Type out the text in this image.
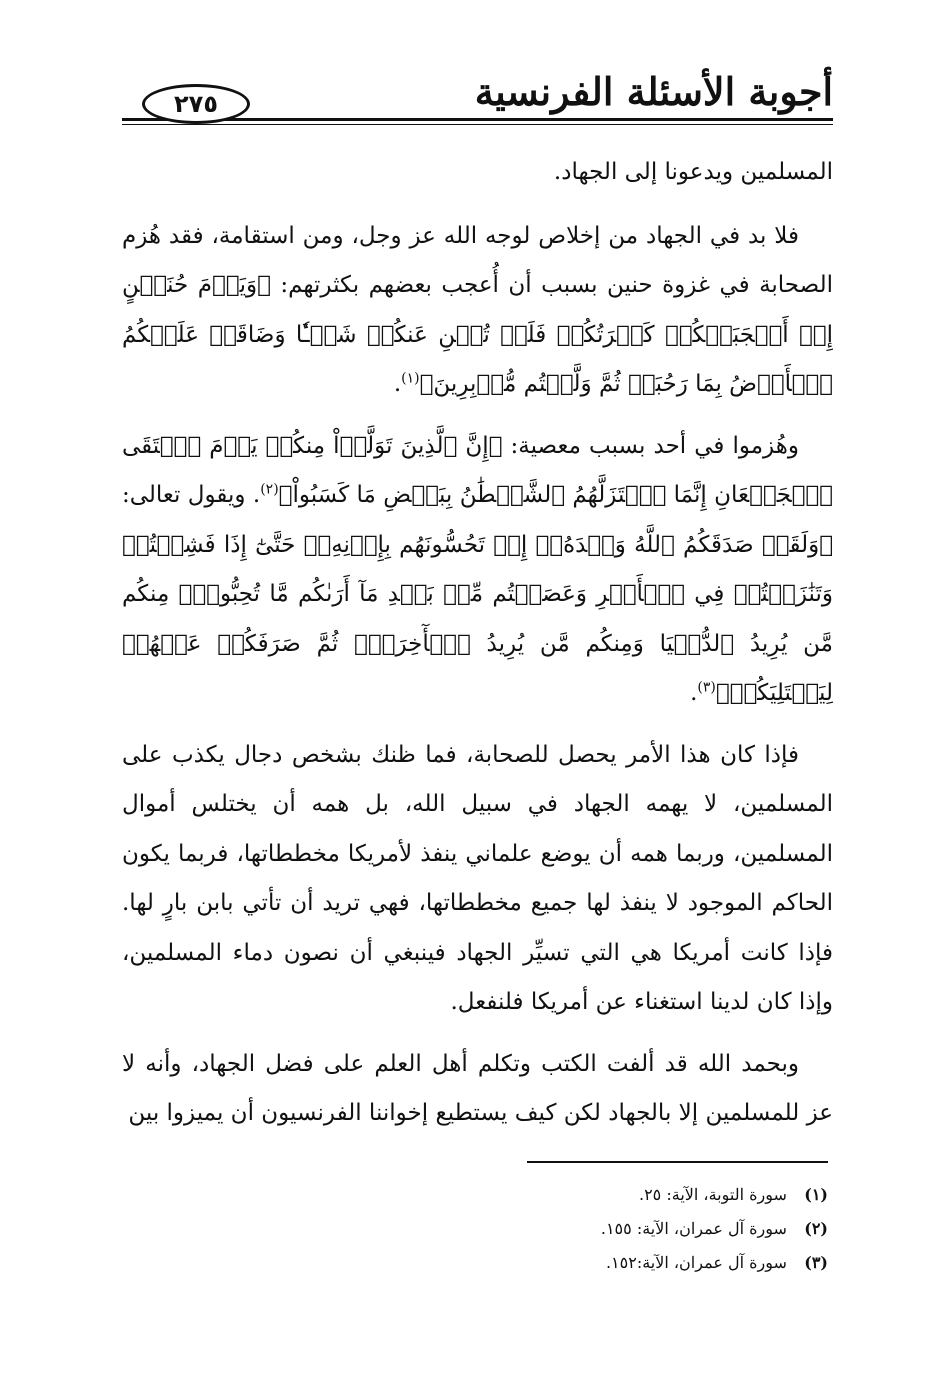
أجوبة الأسئلة الفرنسية
٢٧٥

المسلمين ويدعونا إلى الجهاد.

فلا بد في الجهاد من إخلاص لوجه الله عز وجل، ومن استقامة، فقد هُزم الصحابة في غزوة حنين بسبب أن أُعجب بعضهم بكثرتهم: ﴿وَيَوۡمَ حُنَيۡنٍ إِذۡ أَعۡجَبَتۡكُمۡ كَثۡرَتُكُمۡ فَلَمۡ تُغۡنِ عَنكُمۡ شَيۡـٔٗا وَضَاقَتۡ عَلَيۡكُمُ ٱلۡأَرۡضُ بِمَا رَحُبَتۡ ثُمَّ وَلَّيۡتُم مُّدۡبِرِينَ﴾$^{(١)}$.

وهُزموا في أحد بسبب معصية: ﴿إِنَّ ٱلَّذِينَ تَوَلَّوۡاْ مِنكُمۡ يَوۡمَ ٱلۡتَقَى ٱلۡجَمۡعَانِ إِنَّمَا ٱسۡتَزَلَّهُمُ ٱلشَّيۡطَٰنُ بِبَعۡضِ مَا كَسَبُواْ﴾$^{(٢)}$. ويقول تعالى: ﴿وَلَقَدۡ صَدَقَكُمُ ٱللَّهُ وَعۡدَهُۥٓ إِذۡ تَحُسُّونَهُم بِإِذۡنِهِۦۖ حَتَّىٰٓ إِذَا فَشِلۡتُمۡ وَتَنَٰزَعۡتُمۡ فِي ٱلۡأَمۡرِ وَعَصَيۡتُم مِّنۢ بَعۡدِ مَآ أَرَىٰكُم مَّا تُحِبُّونَۚ مِنكُم مَّن يُرِيدُ ٱلدُّنۡيَا وَمِنكُم مَّن يُرِيدُ ٱلۡأٓخِرَةَۚ ثُمَّ صَرَفَكُمۡ عَنۡهُمۡ لِيَبۡتَلِيَكُمۡ﴾$^{(٣)}$.

فإذا كان هذا الأمر يحصل للصحابة، فما ظنك بشخص دجال يكذب على المسلمين، لا يهمه الجهاد في سبيل الله، بل همه أن يختلس أموال المسلمين، وربما همه أن يوضع علماني ينفذ لأمريكا مخططاتها، فربما يكون الحاكم الموجود لا ينفذ لها جميع مخططاتها، فهي تريد أن تأتي بابن بارٍ لها. فإذا كانت أمريكا هي التي تسيِّر الجهاد فينبغي أن نصون دماء المسلمين، وإذا كان لدينا استغناء عن أمريكا فلنفعل.

وبحمد الله قد ألفت الكتب وتكلم أهل العلم على فضل الجهاد، وأنه لا عز للمسلمين إلا بالجهاد لكن كيف يستطيع إخواننا الفرنسيون أن يميزوا بين

(١) سورة التوبة، الآية: ٢٥.
(٢) سورة آل عمران، الآية: ١٥٥.
(٣) سورة آل عمران، الآية:١٥٢.
